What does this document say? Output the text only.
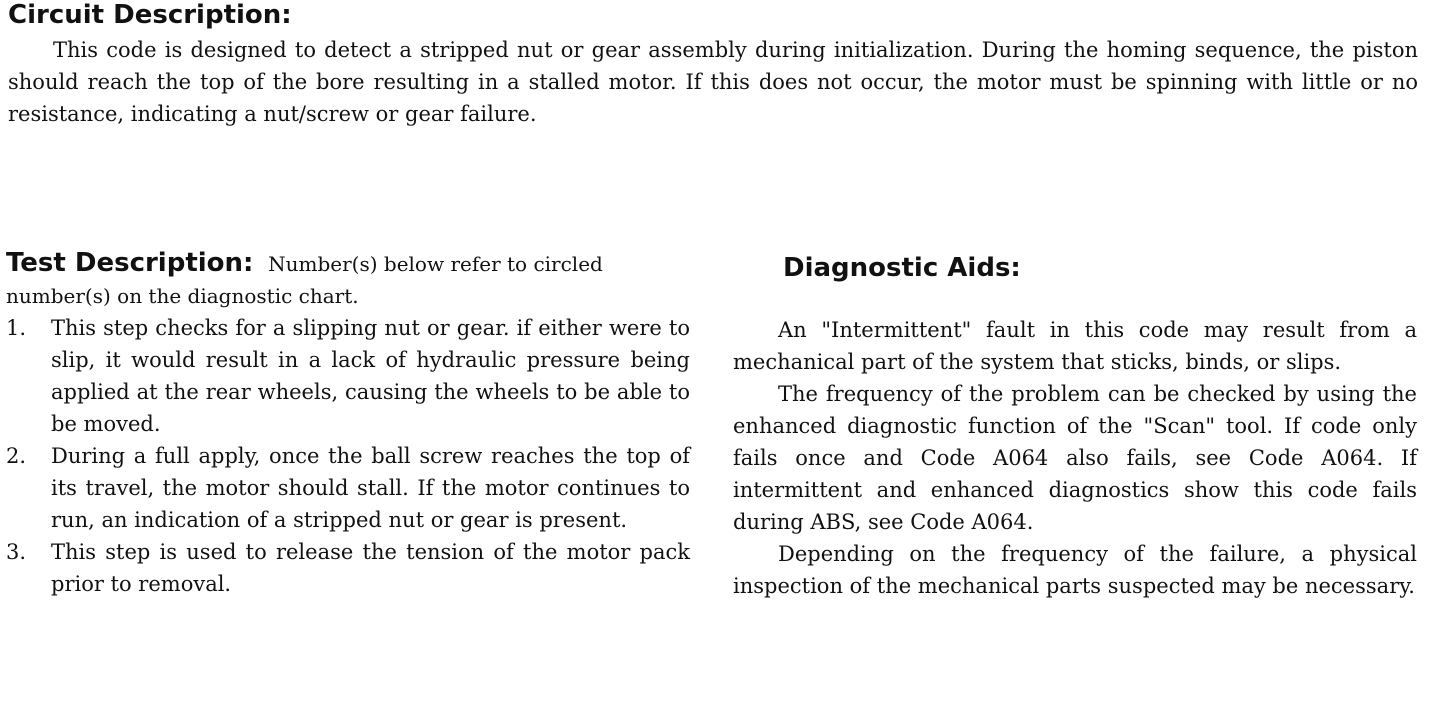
Circuit Description:

This code is designed to detect a stripped nut or gear assembly during initialization. During the homing sequence, the piston should reach the top of the bore resulting in a stalled motor. If this does not occur, the motor must be spinning with little or no resistance, indicating a nut/screw or gear failure.

Test Description: Number(s) below refer to circled
number(s) on the diagnostic chart.
1. This step checks for a slipping nut or gear. if either were to slip, it would result in a lack of hydraulic pressure being applied at the rear wheels, causing the wheels to be able to be moved.
2. During a full apply, once the ball screw reaches the top of its travel, the motor should stall. If the motor continues to run, an indication of a stripped nut or gear is present.
3. This step is used to release the tension of the motor pack prior to removal.
Diagnostic Aids:

An "Intermittent" fault in this code may result from a mechanical part of the system that sticks, binds, or slips.

The frequency of the problem can be checked by using the enhanced diagnostic function of the "Scan" tool. If code only fails once and Code A064 also fails, see Code A064. If intermittent and enhanced diagnostics show this code fails during ABS, see Code A064.

Depending on the frequency of the failure, a physical inspection of the mechanical parts suspected may be necessary.
